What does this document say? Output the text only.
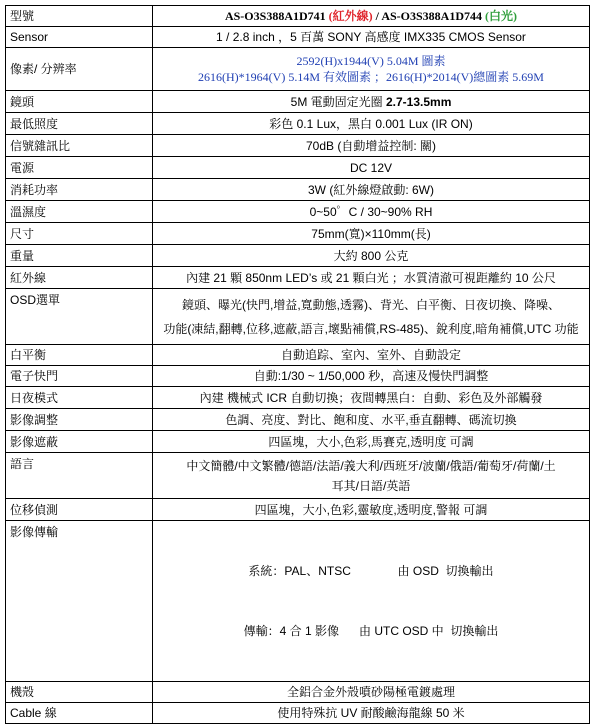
型號	AS-O3S388A1D741 (紅外線) / AS-O3S388A1D744 (白光)
Sensor	1 / 2.8 inch ，5 百萬 SONY 高感度 IMX335 CMOS Sensor
像素/ 分辨率	2592(H)x1944(V) 5.04M 圖素
2616(H)*1964(V) 5.14M 有效圖素 ；2616(H)*2014(V)總圖素 5.69M

鏡頭	5M 電動固定光圈 2.7-13.5mm
最低照度	彩色 0.1 Lux，黑白 0.001 Lux (IR ON)
信號雜訊比	70dB (自動增益控制: 關)
電源	DC 12V
消耗功率	3W (紅外線燈啟動: 6W)
溫濕度	0~50゜C / 30~90% RH
尺寸	75mm(寬)×110mm(長)
重量	大約 800 公克
紅外線	內建 21 顆 850nm LED’s 或 21 顆白光 ；水質清澈可視距離約 10 公尺
OSD選單	鏡頭、曝光(快門,增益,寬動態,透霧)、背光、白平衡、日夜切換、降噪、
功能(凍結,翻轉,位移,遮蔽,語言,壞點補償,RS-485)、銳利度,暗角補償,UTC 功能

白平衡	自動追踪、室內、室外、自動設定
電子快門	自動:1/30 ~ 1/50,000 秒，高速及慢快門調整
日夜模式	內建 機械式 ICR 自動切換；夜間轉黑白：自動、彩色及外部觸發
影像調整	色調、亮度、對比、飽和度、水平,垂直翻轉、碼流切換
影像遮蔽	四區塊，大小,色彩,馬賽克,透明度 可調
語言	中文簡體/中文繁體/德語/法語/義大利/西班牙/波蘭/俄語/葡萄牙/荷蘭/土
耳其/日語/英語

位移偵測	四區塊，大小,色彩,靈敏度,透明度,警報 可調
影像傳輸	系統：PAL、NTSC              由 OSD  切換輸出

傳輸：4 合 1 影像      由 UTC OSD 中  切換輸出

機殼	全鋁合金外殼噴砂陽極電鍍處理
Cable 線	使用特殊抗 UV 耐酸鹼海龍線 50 米
